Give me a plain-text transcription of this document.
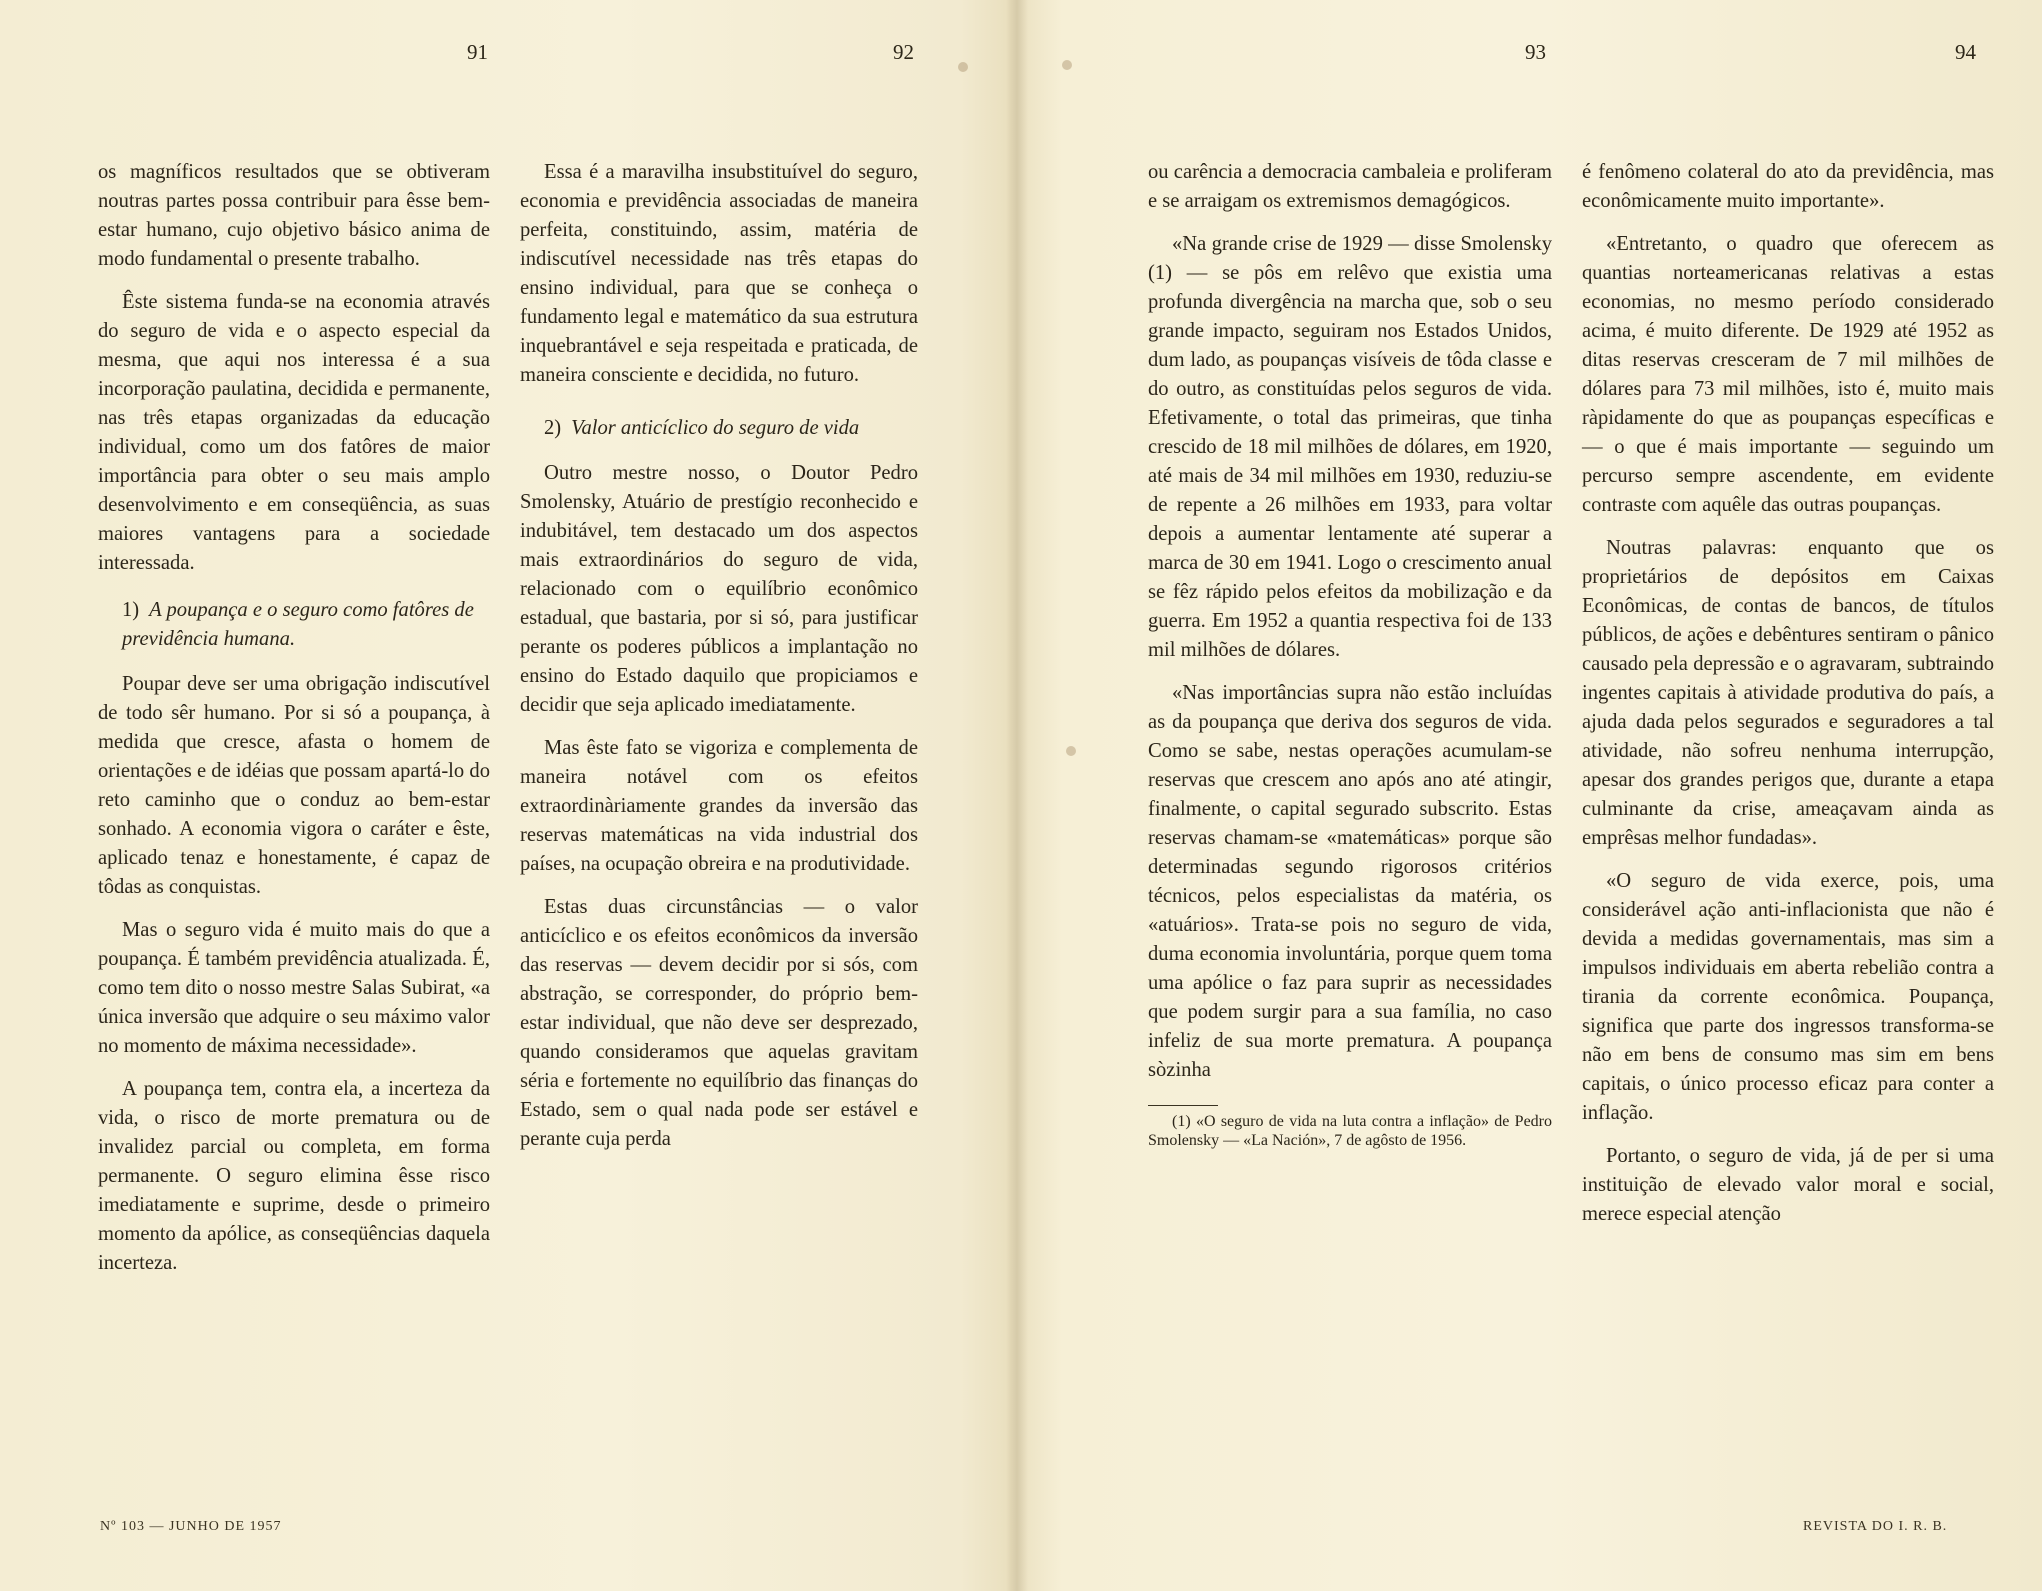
91	92	93	94

os magníficos resultados que se obtiveram noutras partes possa contribuir para êsse bem-estar humano, cujo objetivo básico anima de modo fundamental o presente trabalho.

Êste sistema funda-se na economia através do seguro de vida e o aspecto especial da mesma, que aqui nos interessa é a sua incorporação paulatina, decidida e permanente, nas três etapas organizadas da educação individual, como um dos fatôres de maior importância para obter o seu mais amplo desenvolvimento e em conseqüência, as suas maiores vantagens para a sociedade interessada.

1) A poupança e o seguro como fatôres de previdência humana.

Poupar deve ser uma obrigação indiscutível de todo sêr humano. Por si só a poupança, à medida que cresce, afasta o homem de orientações e de idéias que possam apartá-lo do reto caminho que o conduz ao bem-estar sonhado. A economia vigora o caráter e êste, aplicado tenaz e honestamente, é capaz de tôdas as conquistas.

Mas o seguro vida é muito mais do que a poupança. É também previdência atualizada. É, como tem dito o nosso mestre Salas Subirat, «a única inversão que adquire o seu máximo valor no momento de máxima necessidade».

A poupança tem, contra ela, a incerteza da vida, o risco de morte prematura ou de invalidez parcial ou completa, em forma permanente. O seguro elimina êsse risco imediatamente e suprime, desde o primeiro momento da apólice, as conseqüências daquela incerteza.

Essa é a maravilha insubstituível do seguro, economia e previdência associadas de maneira perfeita, constituindo, assim, matéria de indiscutível necessidade nas três etapas do ensino individual, para que se conheça o fundamento legal e matemático da sua estrutura inquebrantável e seja respeitada e praticada, de maneira consciente e decidida, no futuro.

2) Valor anticíclico do seguro de vida

Outro mestre nosso, o Doutor Pedro Smolensky, Atuário de prestígio reconhecido e indubitável, tem destacado um dos aspectos mais extraordinários do seguro de vida, relacionado com o equilíbrio econômico estadual, que bastaria, por si só, para justificar perante os poderes públicos a implantação no ensino do Estado daquilo que propiciamos e decidir que seja aplicado imediatamente.

Mas êste fato se vigoriza e complementa de maneira notável com os efeitos extraordinàriamente grandes da inversão das reservas matemáticas na vida industrial dos países, na ocupação obreira e na produtividade.

Estas duas circunstâncias — o valor anticíclico e os efeitos econômicos da inversão das reservas — devem decidir por si sós, com abstração, se corresponder, do próprio bem-estar individual, que não deve ser desprezado, quando consideramos que aquelas gravitam séria e fortemente no equilíbrio das finanças do Estado, sem o qual nada pode ser estável e perante cuja perda

ou carência a democracia cambaleia e proliferam e se arraigam os extremismos demagógicos.

«Na grande crise de 1929 — disse Smolensky (1) — se pôs em relêvo que existia uma profunda divergência na marcha que, sob o seu grande impacto, seguiram nos Estados Unidos, dum lado, as poupanças visíveis de tôda classe e do outro, as constituídas pelos seguros de vida. Efetivamente, o total das primeiras, que tinha crescido de 18 mil milhões de dólares, em 1920, até mais de 34 mil milhões em 1930, reduziu-se de repente a 26 milhões em 1933, para voltar depois a aumentar lentamente até superar a marca de 30 em 1941. Logo o crescimento anual se fêz rápido pelos efeitos da mobilização e da guerra. Em 1952 a quantia respectiva foi de 133 mil milhões de dólares.

«Nas importâncias supra não estão incluídas as da poupança que deriva dos seguros de vida. Como se sabe, nestas operações acumulam-se reservas que crescem ano após ano até atingir, finalmente, o capital segurado subscrito. Estas reservas chamam-se «matemáticas» porque são determinadas segundo rigorosos critérios técnicos, pelos especialistas da matéria, os «atuários». Trata-se pois no seguro de vida, duma economia involuntária, porque quem toma uma apólice o faz para suprir as necessidades que podem surgir para a sua família, no caso infeliz de sua morte prematura. A poupança sòzinha

(1) «O seguro de vida na luta contra a inflação» de Pedro Smolensky — «La Nación», 7 de agôsto de 1956.

é fenômeno colateral do ato da previdência, mas econômicamente muito importante».

«Entretanto, o quadro que oferecem as quantias norteamericanas relativas a estas economias, no mesmo período considerado acima, é muito diferente. De 1929 até 1952 as ditas reservas cresceram de 7 mil milhões de dólares para 73 mil milhões, isto é, muito mais ràpidamente do que as poupanças específicas e — o que é mais importante — seguindo um percurso sempre ascendente, em evidente contraste com aquêle das outras poupanças.

Noutras palavras: enquanto que os proprietários de depósitos em Caixas Econômicas, de contas de bancos, de títulos públicos, de ações e debêntures sentiram o pânico causado pela depressão e o agravaram, subtraindo ingentes capitais à atividade produtiva do país, a ajuda dada pelos segurados e seguradores a tal atividade, não sofreu nenhuma interrupção, apesar dos grandes perigos que, durante a etapa culminante da crise, ameaçavam ainda as emprêsas melhor fundadas».

«O seguro de vida exerce, pois, uma considerável ação anti-inflacionista que não é devida a medidas governamentais, mas sim a impulsos individuais em aberta rebelião contra a tirania da corrente econômica. Poupança, significa que parte dos ingressos transforma-se não em bens de consumo mas sim em bens capitais, o único processo eficaz para conter a inflação.

Portanto, o seguro de vida, já de per si uma instituição de elevado valor moral e social, merece especial atenção

Nº 103 — JUNHO DE 1957	REVISTA DO I. R. B.
